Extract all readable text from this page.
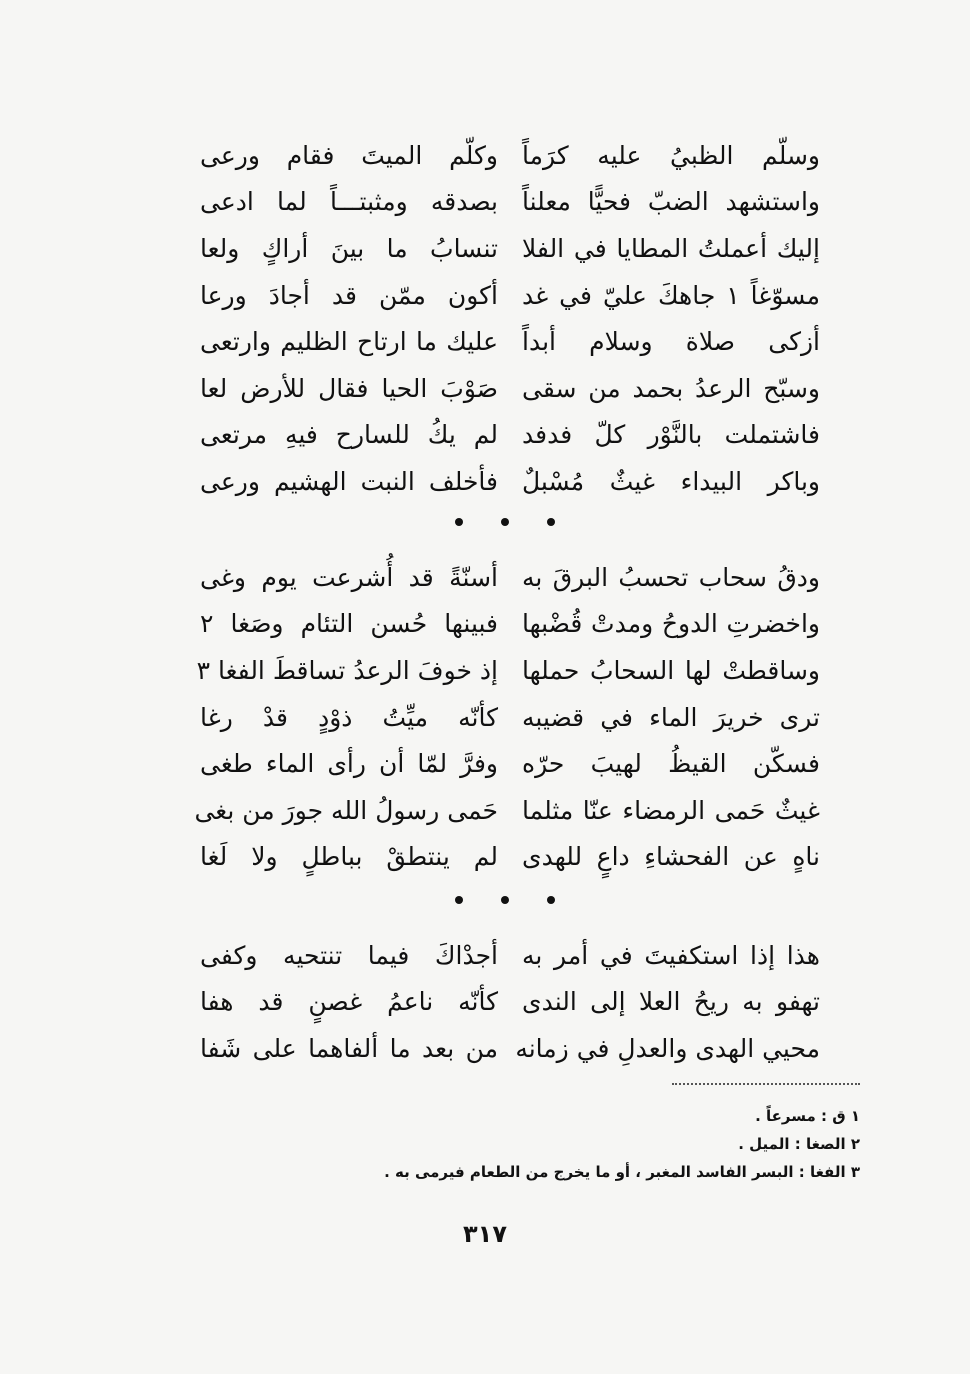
وسلّم الظبيُ عليه كرَماً
وكلّم الميتَ فقام ورعى
واستشهد الضبّ فحيًّا معلناً
بصدقه ومثبتـــاً لما ادعى
إليك أعملتُ المطايا في الفلا
تنسابُ ما بينَ أراكٍ ولعا
مسوّغاً ١ جاهكَ عليّ في غد
أكون ممّن قد أجادَ ورعا
أزكى صلاة وسلام أبداً
عليك ما ارتاح الظليم وارتعى
وسبّح الرعدُ بحمد من سقى
صَوْبَ الحيا فقال للأرض لعا
فاشتملت بالنَّوْر كلّ فدفد
لم يكُ للسارح فيهِ مرتعى
وباكر البيداء غيثٌ مُسْبلٌ
فأخلف النبت الهشيم ورعى
ودقُ سحاب تحسبُ البرقَ به
أسنّةً قد أُشرعت يوم وغى
واخضرتِ الدوحُ ومدتْ قُضْبها
فبينها حُسن التئام وصَغا ٢
وساقطتْ لها السحابُ حملها
إذ خوفَ الرعدُ تساقطَ الفغا ٣
ترى خريرَ الماء في قضيبه
كأنّه ميِّتُ ذوْدٍ قدْ رغا
فسكّن القيظُ لهيبَ حرّه
وفرَّ لمّا أن رأى الماء طغى
غيثٌ حَمى الرمضاء عنّا مثلما
حَمى رسولُ الله جورَ من بغى
ناهٍ عن الفحشاءِ داعٍ للهدى
لم ينتطقْ بباطلٍ ولا لَغا
هذا إذا استكفيتَ في أمر به
أجدْاكَ فيما تنتحيه وكفى
تهفو به ريحُ العلا إلى الندى
كأنّه ناعمُ غصنٍ قد هفا
محيي الهدى والعدلِ في زمانه
من بعد ما ألفاهما على شَفا
١ ق : مسرعاً .
٢ الصغا : الميل .
٣ الفغا : البسر الفاسد المغبر ، أو ما يخرج من الطعام فيرمى به .
٣١٧
